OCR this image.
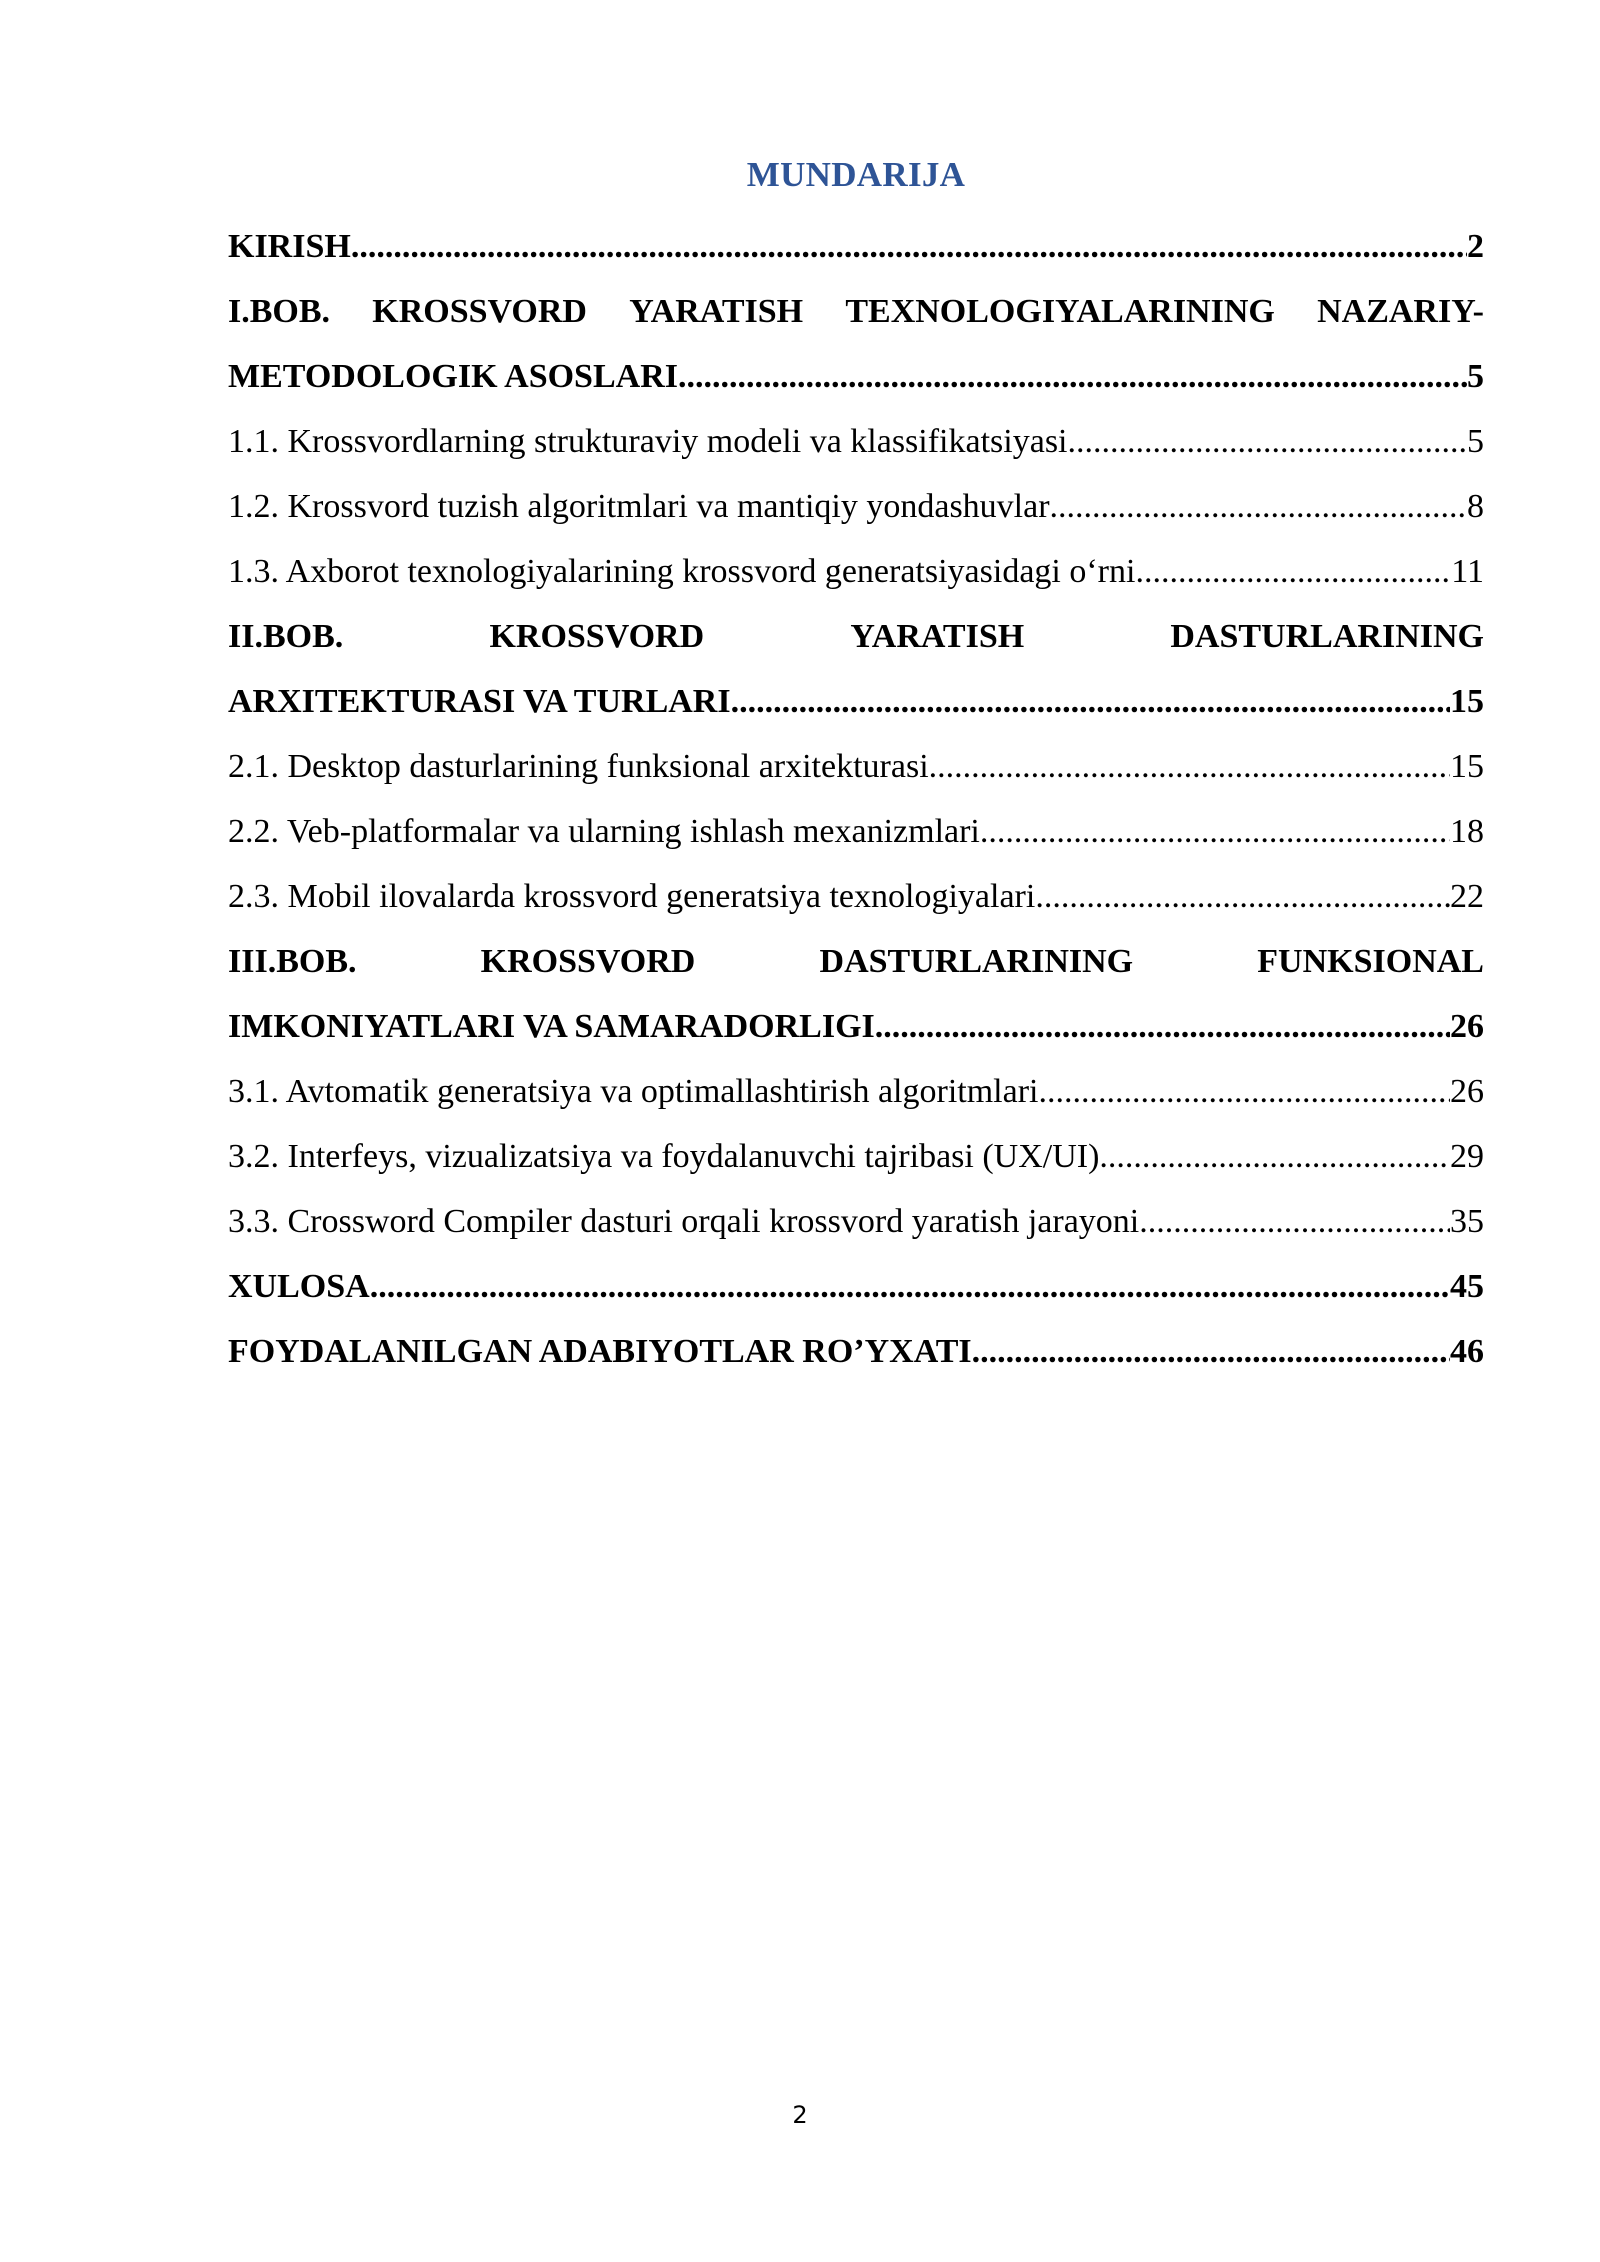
MUNDARIJA
KIRISH .....	2
I.BOB. KROSSVORD YARATISH TEXNOLOGIYALARINING NAZARIY-
METODOLOGIK ASOSLARI .....	5
1.1. Krossvordlarning strukturaviy modeli va klassifikatsiyasi .....	5
1.2. Krossvord tuzish algoritmlari va mantiqiy yondashuvlar .....	8
1.3. Axborot texnologiyalarining krossvord generatsiyasidagi o‘rni .....	11
II.BOB.	KROSSVORD	YARATISH	DASTURLARINING
ARXITEKTURASI VA TURLARI .....	15
2.1. Desktop dasturlarining funksional arxitekturasi .....	15
2.2. Veb-platformalar va ularning ishlash mexanizmlari .....	18
2.3. Mobil ilovalarda krossvord generatsiya texnologiyalari .....	22
III.BOB.	KROSSVORD	DASTURLARINING	FUNKSIONAL
IMKONIYATLARI VA SAMARADORLIGI .....	26
3.1. Avtomatik generatsiya va optimallashtirish algoritmlari .....	26
3.2. Interfeys, vizualizatsiya va foydalanuvchi tajribasi (UX/UI) .....	29
3.3. Crossword Compiler dasturi orqali krossvord yaratish jarayoni .....	35
XULOSA .....	45
FOYDALANILGAN ADABIYOTLAR RO’YXATI .....	46
2
